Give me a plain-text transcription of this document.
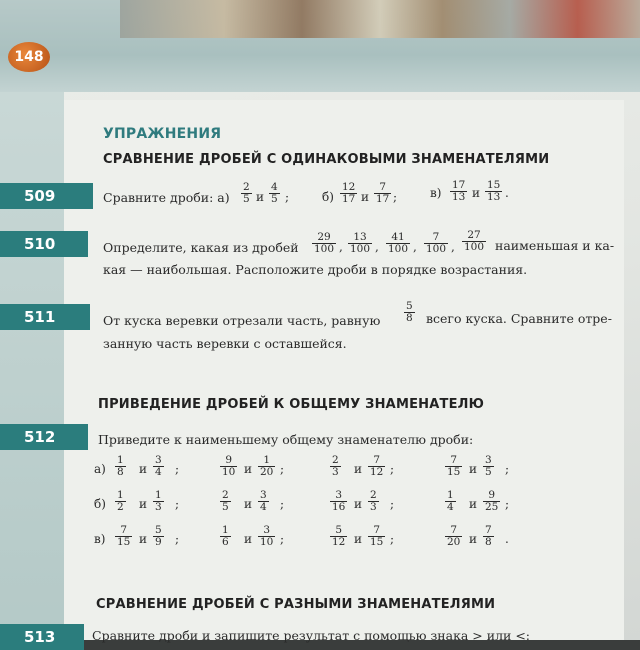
148
УПРАЖНЕНИЯ
СРАВНЕНИЕ ДРОБЕЙ С ОДИНАКОВЫМИ ЗНАМЕНАТЕЛЯМИ
509	Сравните дроби: $а) \frac{2}{5}$ и $\frac{4}{5}$ ;	$б) \frac{12}{17}$ и $\frac{7}{17}$ ;	$в) \frac{17}{13}$ и $\frac{15}{13}$ .
510	Определите, какая из дробей $\frac{29}{100}$ , $\frac{13}{100}$ , $\frac{41}{100}$ , $\frac{7}{100}$ , $\frac{27}{100}$ наименьшая и ка-
кая — наибольшая. Расположите дроби в порядке возрастания.
511	От куска веревки отрезали часть, равную $\frac{5}{8}$ всего куска. Сравните отре-
занную часть веревки с оставшейся.
ПРИВЕДЕНИЕ ДРОБЕЙ К ОБЩЕМУ ЗНАМЕНАТЕЛЮ
512	Приведите к наименьшему общему знаменателю дроби:
$а) \frac{1}{8}$ и $\frac{3}{4}$ ;	$\frac{9}{10}$ и $\frac{1}{20}$ ;	$\frac{2}{3}$ и $\frac{7}{12}$ ;	$\frac{7}{15}$ и $\frac{3}{5}$ ;
$б) \frac{1}{2}$ и $\frac{1}{3}$ ;	$\frac{2}{5}$ и $\frac{3}{4}$ ;	$\frac{3}{16}$ и $\frac{2}{3}$ ;	$\frac{1}{4}$ и $\frac{9}{25}$ ;
$в) \frac{7}{15}$ и $\frac{5}{9}$ ;	$\frac{1}{6}$ и $\frac{3}{10}$ ;	$\frac{5}{12}$ и $\frac{7}{15}$ ;	$\frac{7}{20}$ и $\frac{7}{8}$ .
СРАВНЕНИЕ ДРОБЕЙ С РАЗНЫМИ ЗНАМЕНАТЕЛЯМИ
513	Сравните дроби и запишите результат с помощью знака > или <:
